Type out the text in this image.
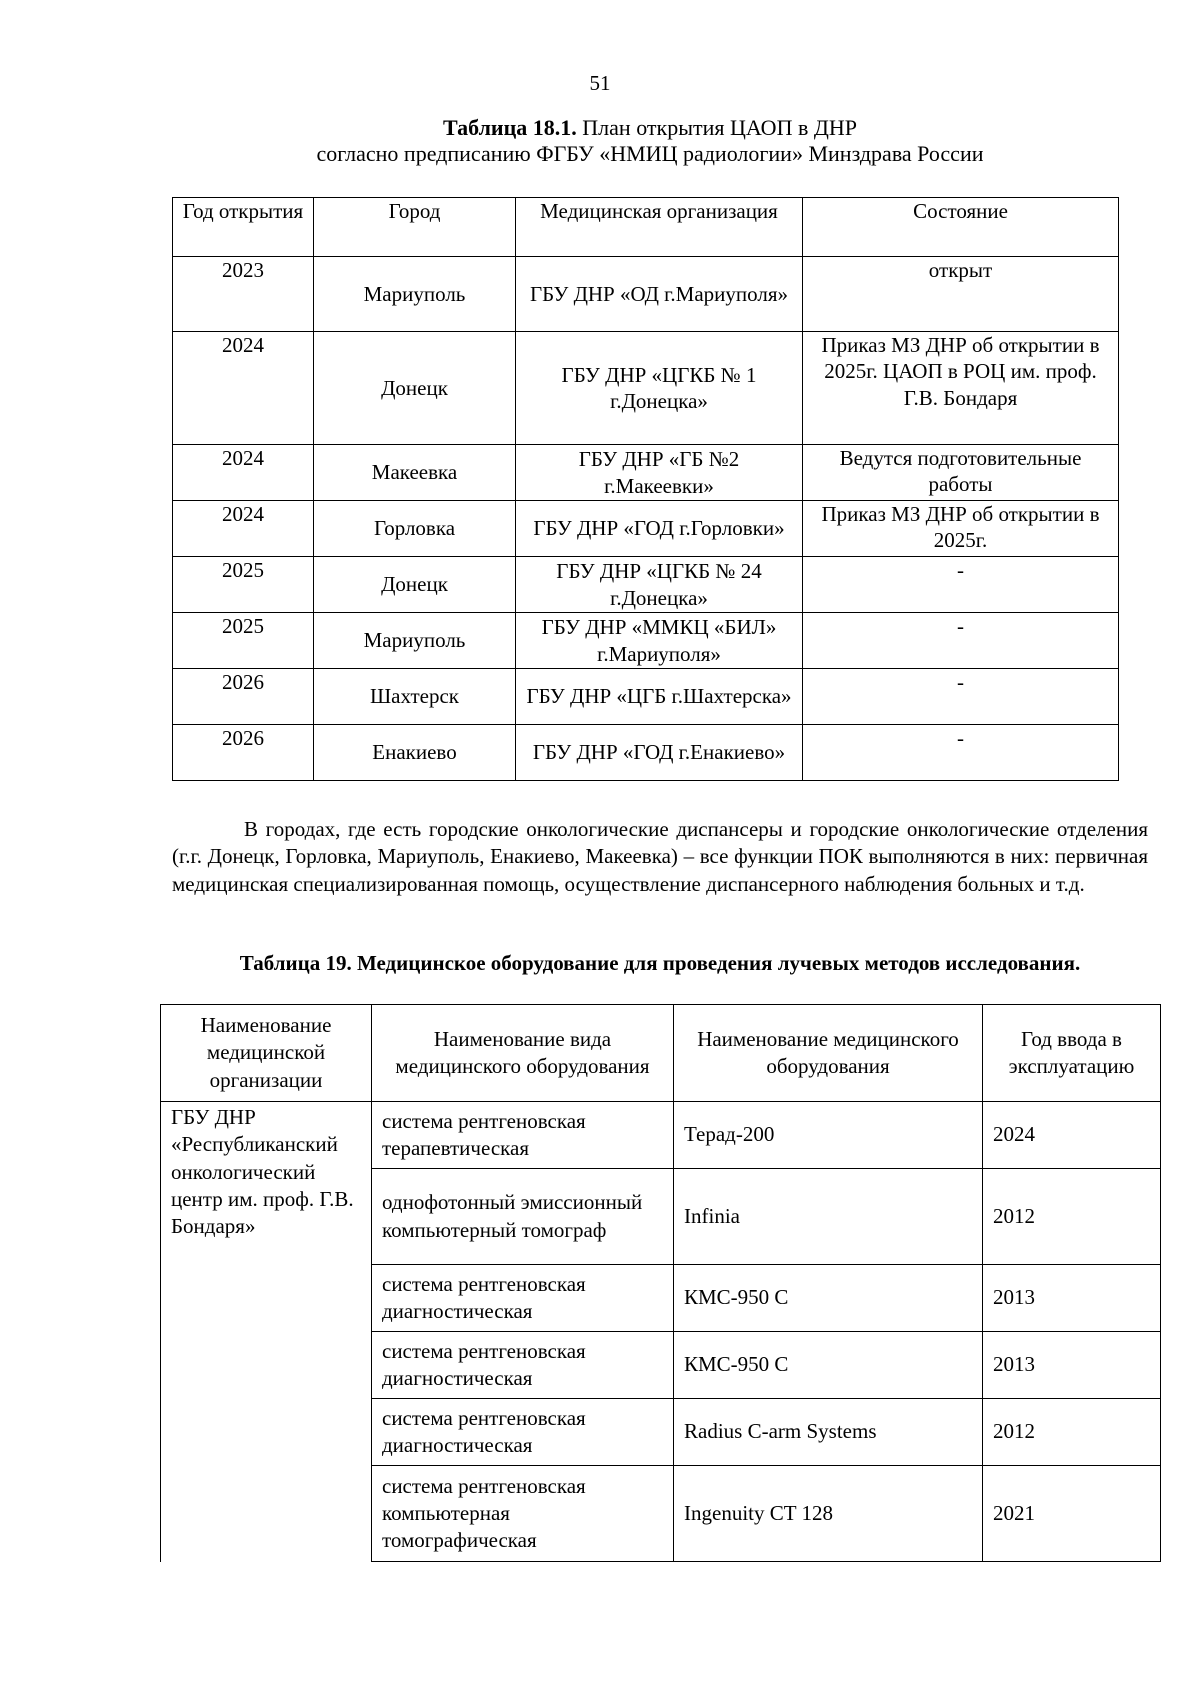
51
Таблица 18.1. План открытия ЦАОП в ДНР
согласно предписанию ФГБУ «НМИЦ радиологии» Минздрава России
Год открытия	Город	Медицинская организация	Состояние
2023	Мариуполь	ГБУ ДНР «ОД г.Мариуполя»	открыт
2024	Донецк	ГБУ ДНР «ЦГКБ № 1 г.Донецка»	Приказ МЗ ДНР об открытии в 2025г. ЦАОП в РОЦ им. проф. Г.В. Бондаря
2024	Макеевка	ГБУ ДНР «ГБ №2 г.Макеевки»	Ведутся подготовительные работы
2024	Горловка	ГБУ ДНР «ГОД г.Горловки»	Приказ МЗ ДНР об открытии в 2025г.
2025	Донецк	ГБУ ДНР «ЦГКБ № 24 г.Донецка»	-
2025	Мариуполь	ГБУ ДНР «ММКЦ «БИЛ» г.Мариуполя»	-
2026	Шахтерск	ГБУ ДНР «ЦГБ г.Шахтерска»	-
2026	Енакиево	ГБУ ДНР «ГОД г.Енакиево»	-
В городах, где есть городские онкологические диспансеры и городские онкологические отделения (г.г. Донецк, Горловка, Мариуполь, Енакиево, Макеевка) – все функции ПОК выполняются в них: первичная медицинская специализированная помощь, осуществление диспансерного наблюдения больных и т.д.
Таблица 19. Медицинское оборудование для проведения лучевых методов исследования.
Наименование медицинской организации	Наименование вида медицинского оборудования	Наименование медицинского оборудования	Год ввода в эксплуатацию
ГБУ ДНР «Республиканский онкологический центр им. проф. Г.В. Бондаря»	система рентгеновская терапевтическая	Терад-200	2024
	однофотонный эмиссионный компьютерный томограф	Infinia	2012
	система рентгеновская диагностическая	КМС-950 С	2013
	система рентгеновская диагностическая	КМС-950 С	2013
	система рентгеновская диагностическая	Radius C-arm Systems	2012
	система рентгеновская компьютерная томографическая	Ingenuity CT 128	2021
